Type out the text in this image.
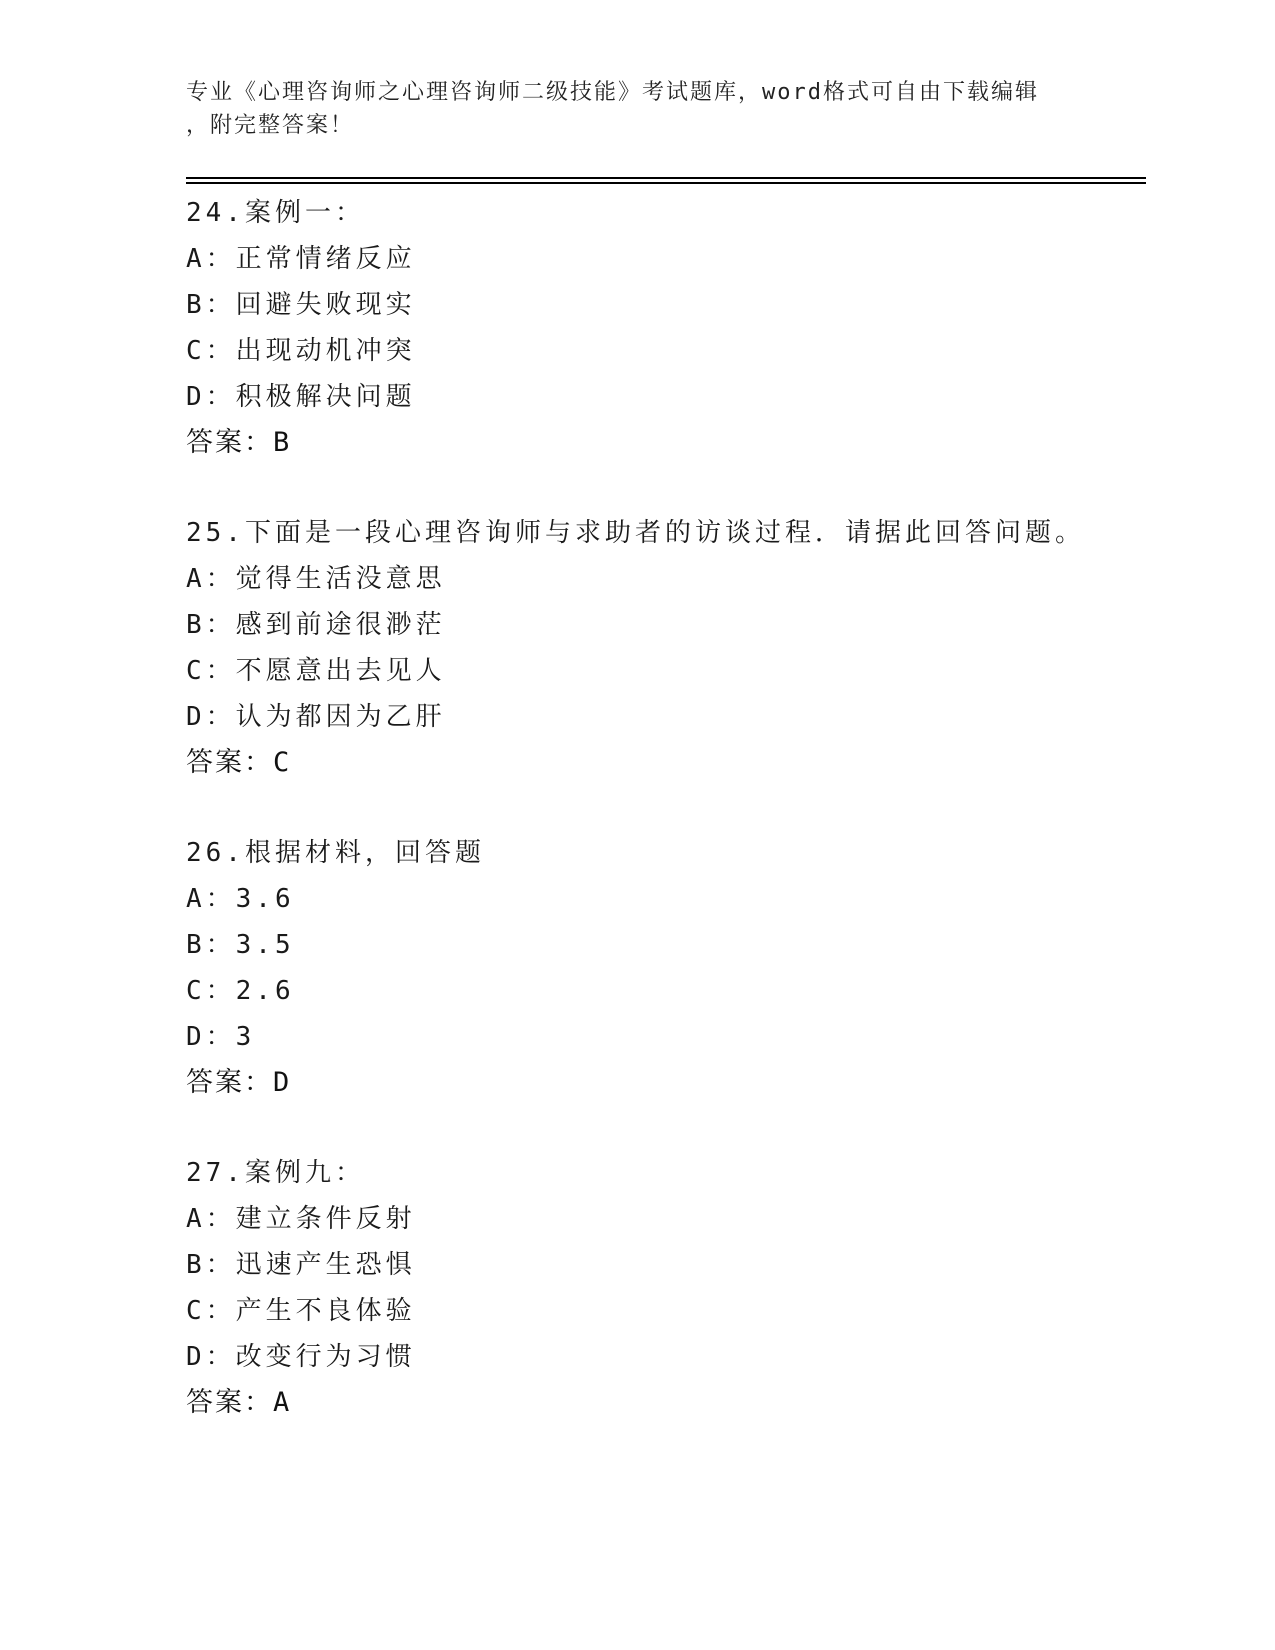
专业《心理咨询师之心理咨询师二级技能》考试题库，word格式可自由下载编辑
，附完整答案！
24.案例一：
A：正常情绪反应
B：回避失败现实
C：出现动机冲突
D：积极解决问题
答案：B
25.下面是一段心理咨询师与求助者的访谈过程．请据此回答问题。
A：觉得生活没意思
B：感到前途很渺茫
C：不愿意出去见人
D：认为都因为乙肝
答案：C
26.根据材料，回答题
A：3.6
B：3.5
C：2.6
D：3
答案：D
27.案例九：
A：建立条件反射
B：迅速产生恐惧
C：产生不良体验
D：改变行为习惯
答案：A
